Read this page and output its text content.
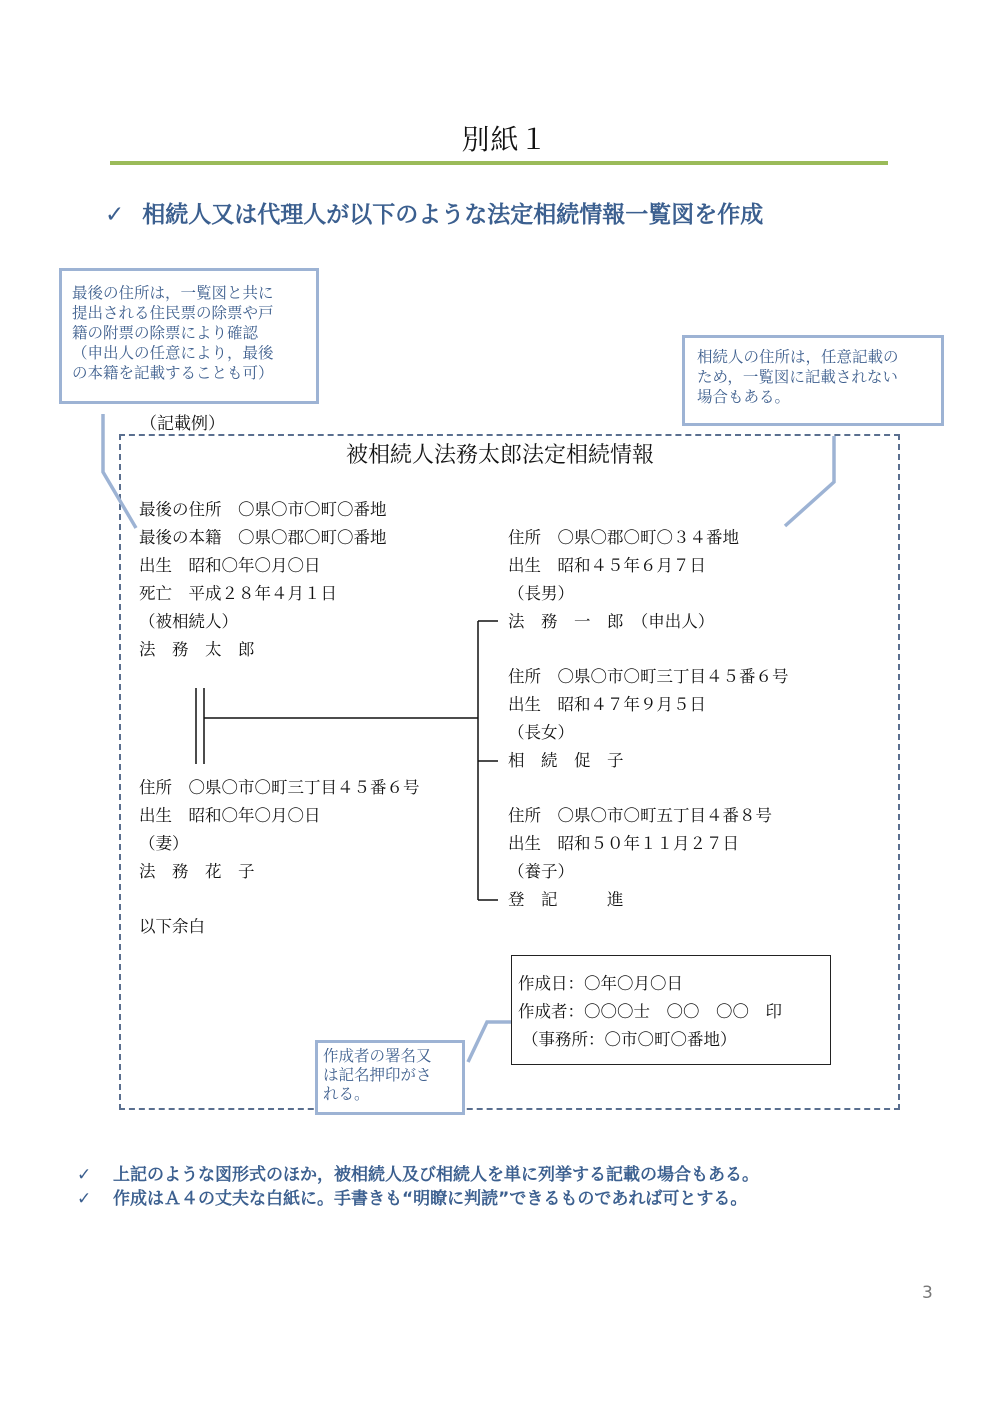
別紙１
✓ 相続人又は代理人が以下のような法定相続情報一覧図を作成
最後の住所は，一覧図と共に
提出される住民票の除票や戸
籍の附票の除票により確認
（申出人の任意により，最後
の本籍を記載することも可）
相続人の住所は，任意記載の
ため，一覧図に記載されない
場合もある。
（記載例）
被相続人法務太郎法定相続情報
最後の住所　〇県〇市〇町〇番地
最後の本籍　〇県〇郡〇町〇番地
出生　昭和〇年〇月〇日
死亡　平成２８年４月１日
（被相続人）
法　務　太　郎
住所　〇県〇市〇町三丁目４５番６号
出生　昭和〇年〇月〇日
（妻）
法　務　花　子
以下余白
住所　〇県〇郡〇町〇３４番地
出生　昭和４５年６月７日
（長男）
法　務　一　郎　（申出人）
住所　〇県〇市〇町三丁目４５番６号
出生　昭和４７年９月５日
（長女）
相　続　促　子
住所　〇県〇市〇町五丁目４番８号
出生　昭和５０年１１月２７日
（養子）
登　記　　　進
作成日：〇年〇月〇日
作成者：〇〇〇士　〇〇　〇〇　印
（事務所：〇市〇町〇番地）
作成者の署名又
は記名押印がさ
れる。
✓ 上記のような図形式のほか，被相続人及び相続人を単に列挙する記載の場合もある。
✓ 作成はＡ４の丈夫な白紙に。手書きも“明瞭に判読”できるものであれば可とする。
3
